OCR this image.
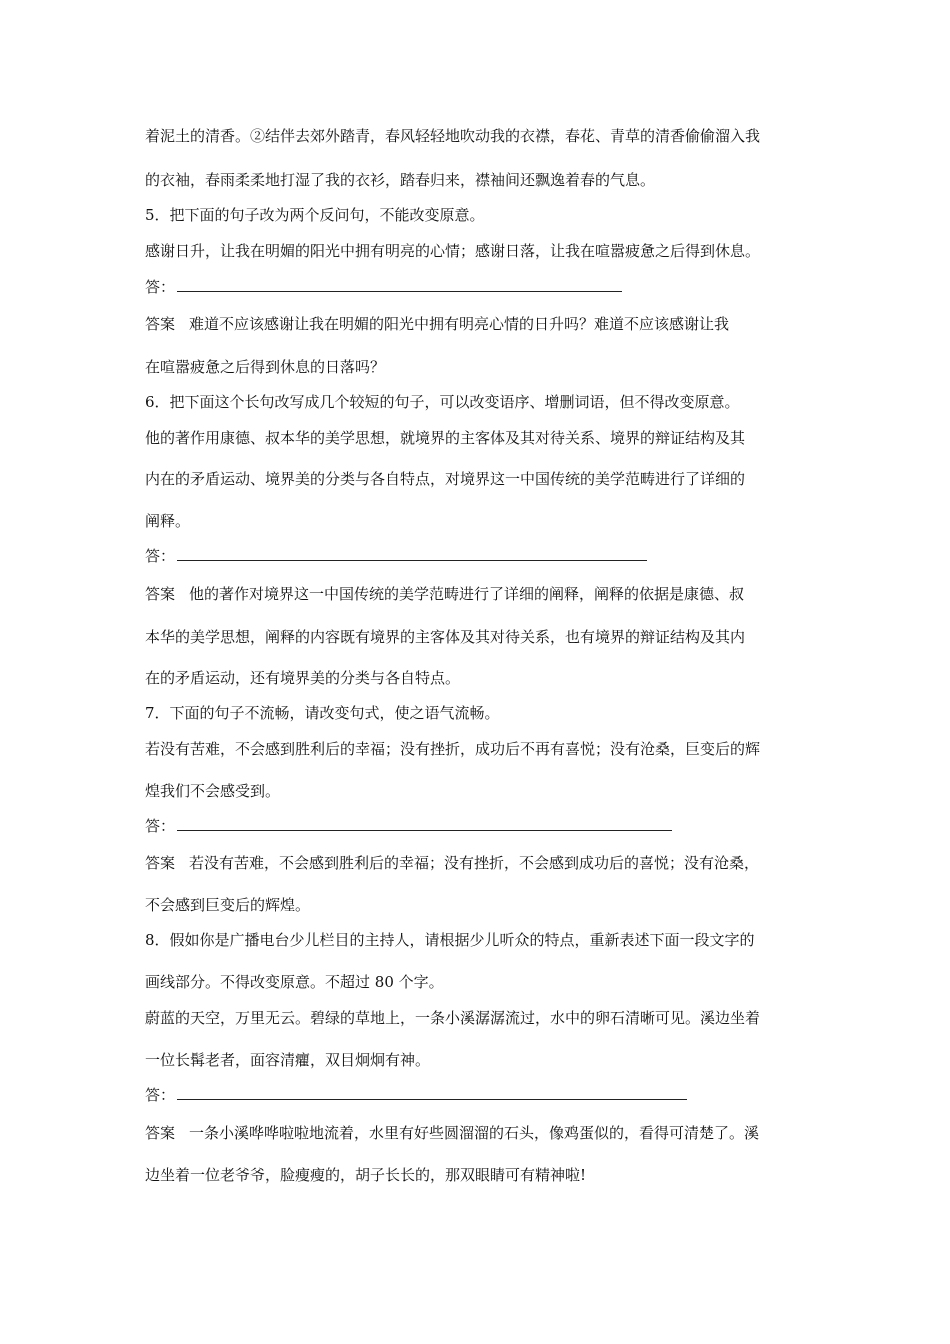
着泥土的清香。②结伴去郊外踏青，春风轻轻地吹动我的衣襟，春花、青草的清香偷偷溜入我
的衣袖，春雨柔柔地打湿了我的衣衫，踏春归来，襟袖间还飘逸着春的气息。
5．把下面的句子改为两个反问句，不能改变原意。
感谢日升，让我在明媚的阳光中拥有明亮的心情；感谢日落，让我在喧嚣疲惫之后得到休息。
答：
答案 难道不应该感谢让我在明媚的阳光中拥有明亮心情的日升吗？难道不应该感谢让我
在喧嚣疲惫之后得到休息的日落吗？
6．把下面这个长句改写成几个较短的句子，可以改变语序、增删词语，但不得改变原意。
他的著作用康德、叔本华的美学思想，就境界的主客体及其对待关系、境界的辩证结构及其
内在的矛盾运动、境界美的分类与各自特点，对境界这一中国传统的美学范畴进行了详细的
阐释。
答：
答案 他的著作对境界这一中国传统的美学范畴进行了详细的阐释，阐释的依据是康德、叔
本华的美学思想，阐释的内容既有境界的主客体及其对待关系，也有境界的辩证结构及其内
在的矛盾运动，还有境界美的分类与各自特点。
7．下面的句子不流畅，请改变句式，使之语气流畅。
若没有苦难，不会感到胜利后的幸福；没有挫折，成功后不再有喜悦；没有沧桑，巨变后的辉
煌我们不会感受到。
答：
答案 若没有苦难，不会感到胜利后的幸福；没有挫折，不会感到成功后的喜悦；没有沧桑，
不会感到巨变后的辉煌。
8．假如你是广播电台少儿栏目的主持人，请根据少儿听众的特点，重新表述下面一段文字的
画线部分。不得改变原意。不超过 80 个字。
蔚蓝的天空，万里无云。碧绿的草地上，一条小溪潺潺流过，水中的卵石清晰可见。溪边坐着
一位长髯老者，面容清癯，双目炯炯有神。
答：
答案 一条小溪哗哗啦啦地流着，水里有好些圆溜溜的石头，像鸡蛋似的，看得可清楚了。溪
边坐着一位老爷爷，脸瘦瘦的，胡子长长的，那双眼睛可有精神啦!
